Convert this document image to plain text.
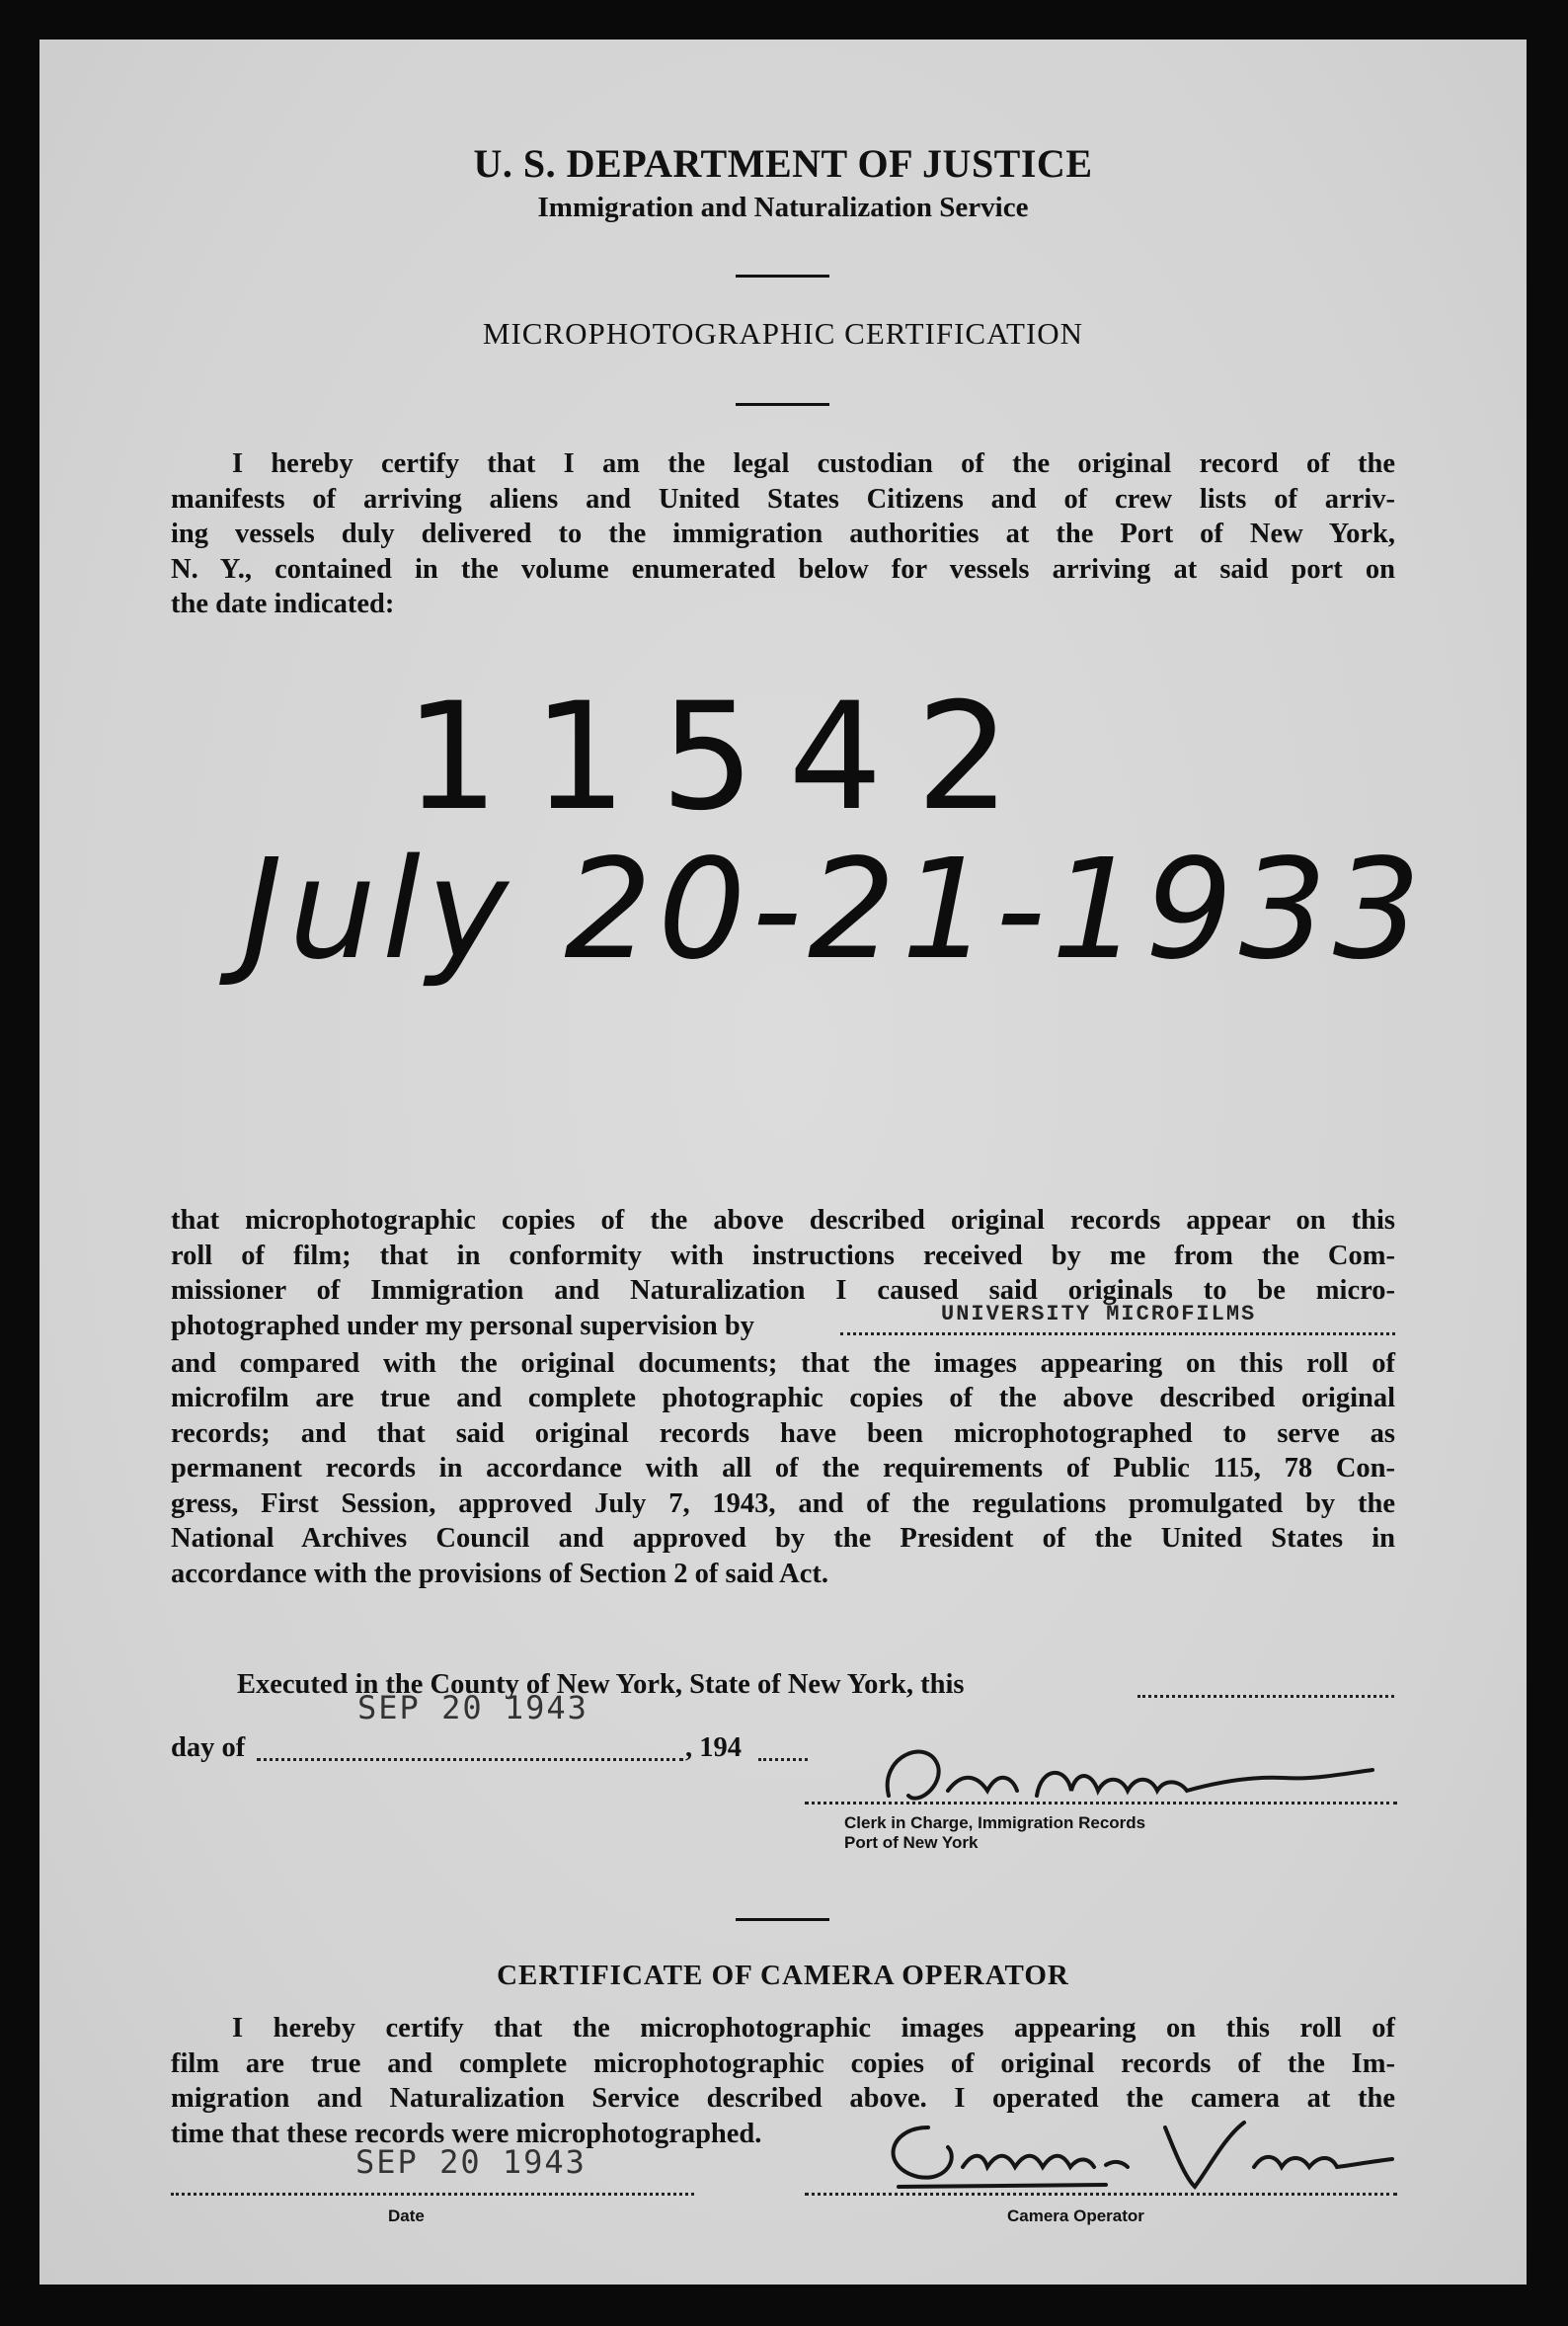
U. S. DEPARTMENT OF JUSTICE
Immigration and Naturalization Service
MICROPHOTOGRAPHIC CERTIFICATION
I hereby certify that I am the legal custodian of the original record of the
manifests of arriving aliens and United States Citizens and of crew lists of arriv-
ing vessels duly delivered to the immigration authorities at the Port of New York,
N. Y., contained in the volume enumerated below for vessels arriving at said port on
the date indicated:
11542
July 20-21-1933
that microphotographic copies of the above described original records appear on this
roll of film; that in conformity with instructions received by me from the Com-
missioner of Immigration and Naturalization I caused said originals to be micro-
photographed under my personal supervision by	UNIVERSITY MICROFILMS
and compared with the original documents; that the images appearing on this roll of
microfilm are true and complete photographic copies of the above described original
records; and that said original records have been microphotographed to serve as
permanent records in accordance with all of the requirements of Public 115, 78 Con-
gress, First Session, approved July 7, 1943, and of the regulations promulgated by the
National Archives Council and approved by the President of the United States in
accordance with the provisions of Section 2 of said Act.
Executed in the County of New York, State of New York, this
SEP 20 1943
day of	, 194
Clerk in Charge, Immigration Records
Port of New York
CERTIFICATE OF CAMERA OPERATOR
I hereby certify that the microphotographic images appearing on this roll of
film are true and complete microphotographic copies of original records of the Im-
migration and Naturalization Service described above. I operated the camera at the
time that these records were microphotographed.
SEP 20 1943
Date	Camera Operator
